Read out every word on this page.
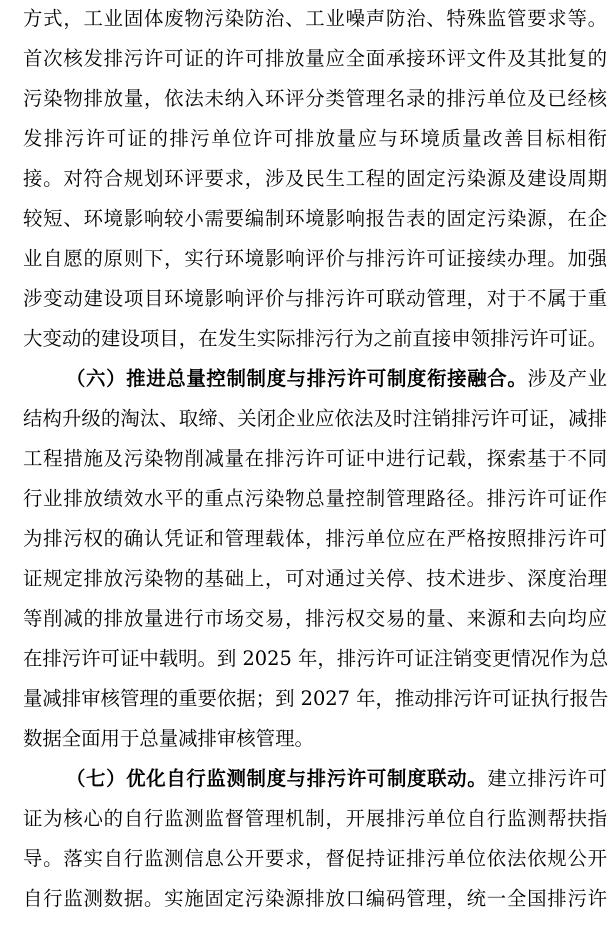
方式，工业固体废物污染防治、工业噪声防治、特殊监管要求等。
首次核发排污许可证的许可排放量应全面承接环评文件及其批复的
污染物排放量，依法未纳入环评分类管理名录的排污单位及已经核
发排污许可证的排污单位许可排放量应与环境质量改善目标相衔
接。对符合规划环评要求，涉及民生工程的固定污染源及建设周期
较短、环境影响较小需要编制环境影响报告表的固定污染源，在企
业自愿的原则下，实行环境影响评价与排污许可证接续办理。加强
涉变动建设项目环境影响评价与排污许可联动管理，对于不属于重
大变动的建设项目，在发生实际排污行为之前直接申领排污许可证。
（六）推进总量控制制度与排污许可制度衔接融合。涉及产业
结构升级的淘汰、取缔、关闭企业应依法及时注销排污许可证，减排
工程措施及污染物削减量在排污许可证中进行记载，探索基于不同
行业排放绩效水平的重点污染物总量控制管理路径。排污许可证作
为排污权的确认凭证和管理载体，排污单位应在严格按照排污许可
证规定排放污染物的基础上，可对通过关停、技术进步、深度治理
等削减的排放量进行市场交易，排污权交易的量、来源和去向均应
在排污许可证中载明。到 2025 年，排污许可证注销变更情况作为总
量减排审核管理的重要依据；到 2027 年，推动排污许可证执行报告
数据全面用于总量减排审核管理。
（七）优化自行监测制度与排污许可制度联动。建立排污许可
证为核心的自行监测监督管理机制，开展排污单位自行监测帮扶指
导。落实自行监测信息公开要求，督促持证排污单位依法依规公开
自行监测数据。实施固定污染源排放口编码管理，统一全国排污许
